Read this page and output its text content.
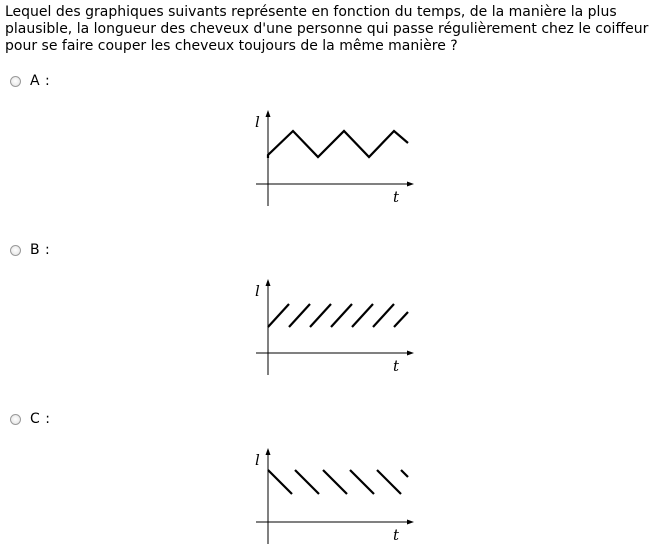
Lequel des graphiques suivants représente en fonction du temps, de la manière la plus plausible, la longueur des cheveux d'une personne qui passe régulièrement chez le coiffeur pour se faire couper les cheveux toujours de la même manière ?
A :
l
t
B :
l
t
C :
l
t
